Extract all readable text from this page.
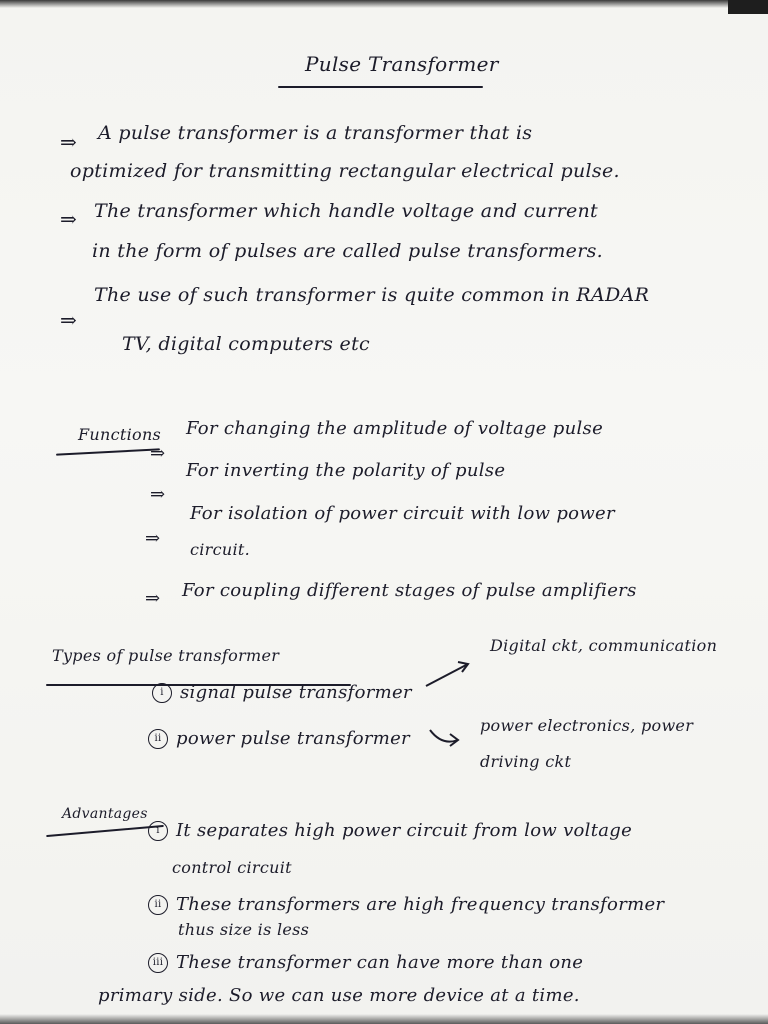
Pulse Transformer
⇒ A pulse transformer is a transformer that is
optimized for transmitting rectangular electrical pulse.
⇒ The transformer which handle voltage and current
in the form of pulses are called pulse transformers.
⇒
The use of such transformer is quite common in RADAR
TV, digital computers etc
Functions
⇒
For changing the amplitude of voltage pulse
⇒
For inverting the polarity of pulse
⇒
For isolation of power circuit with low power
circuit.
⇒ For coupling different stages of pulse amplifiers
Types of pulse transformer
i signal pulse transformer
Digital ckt, communication
ii power pulse transformer
power electronics, power
driving ckt
Advantages
i It separates high power circuit from low voltage
control circuit
ii These transformers are high frequency transformer
thus size is less
iii These transformer can have more than one
primary side. So we can use more device at a time.
